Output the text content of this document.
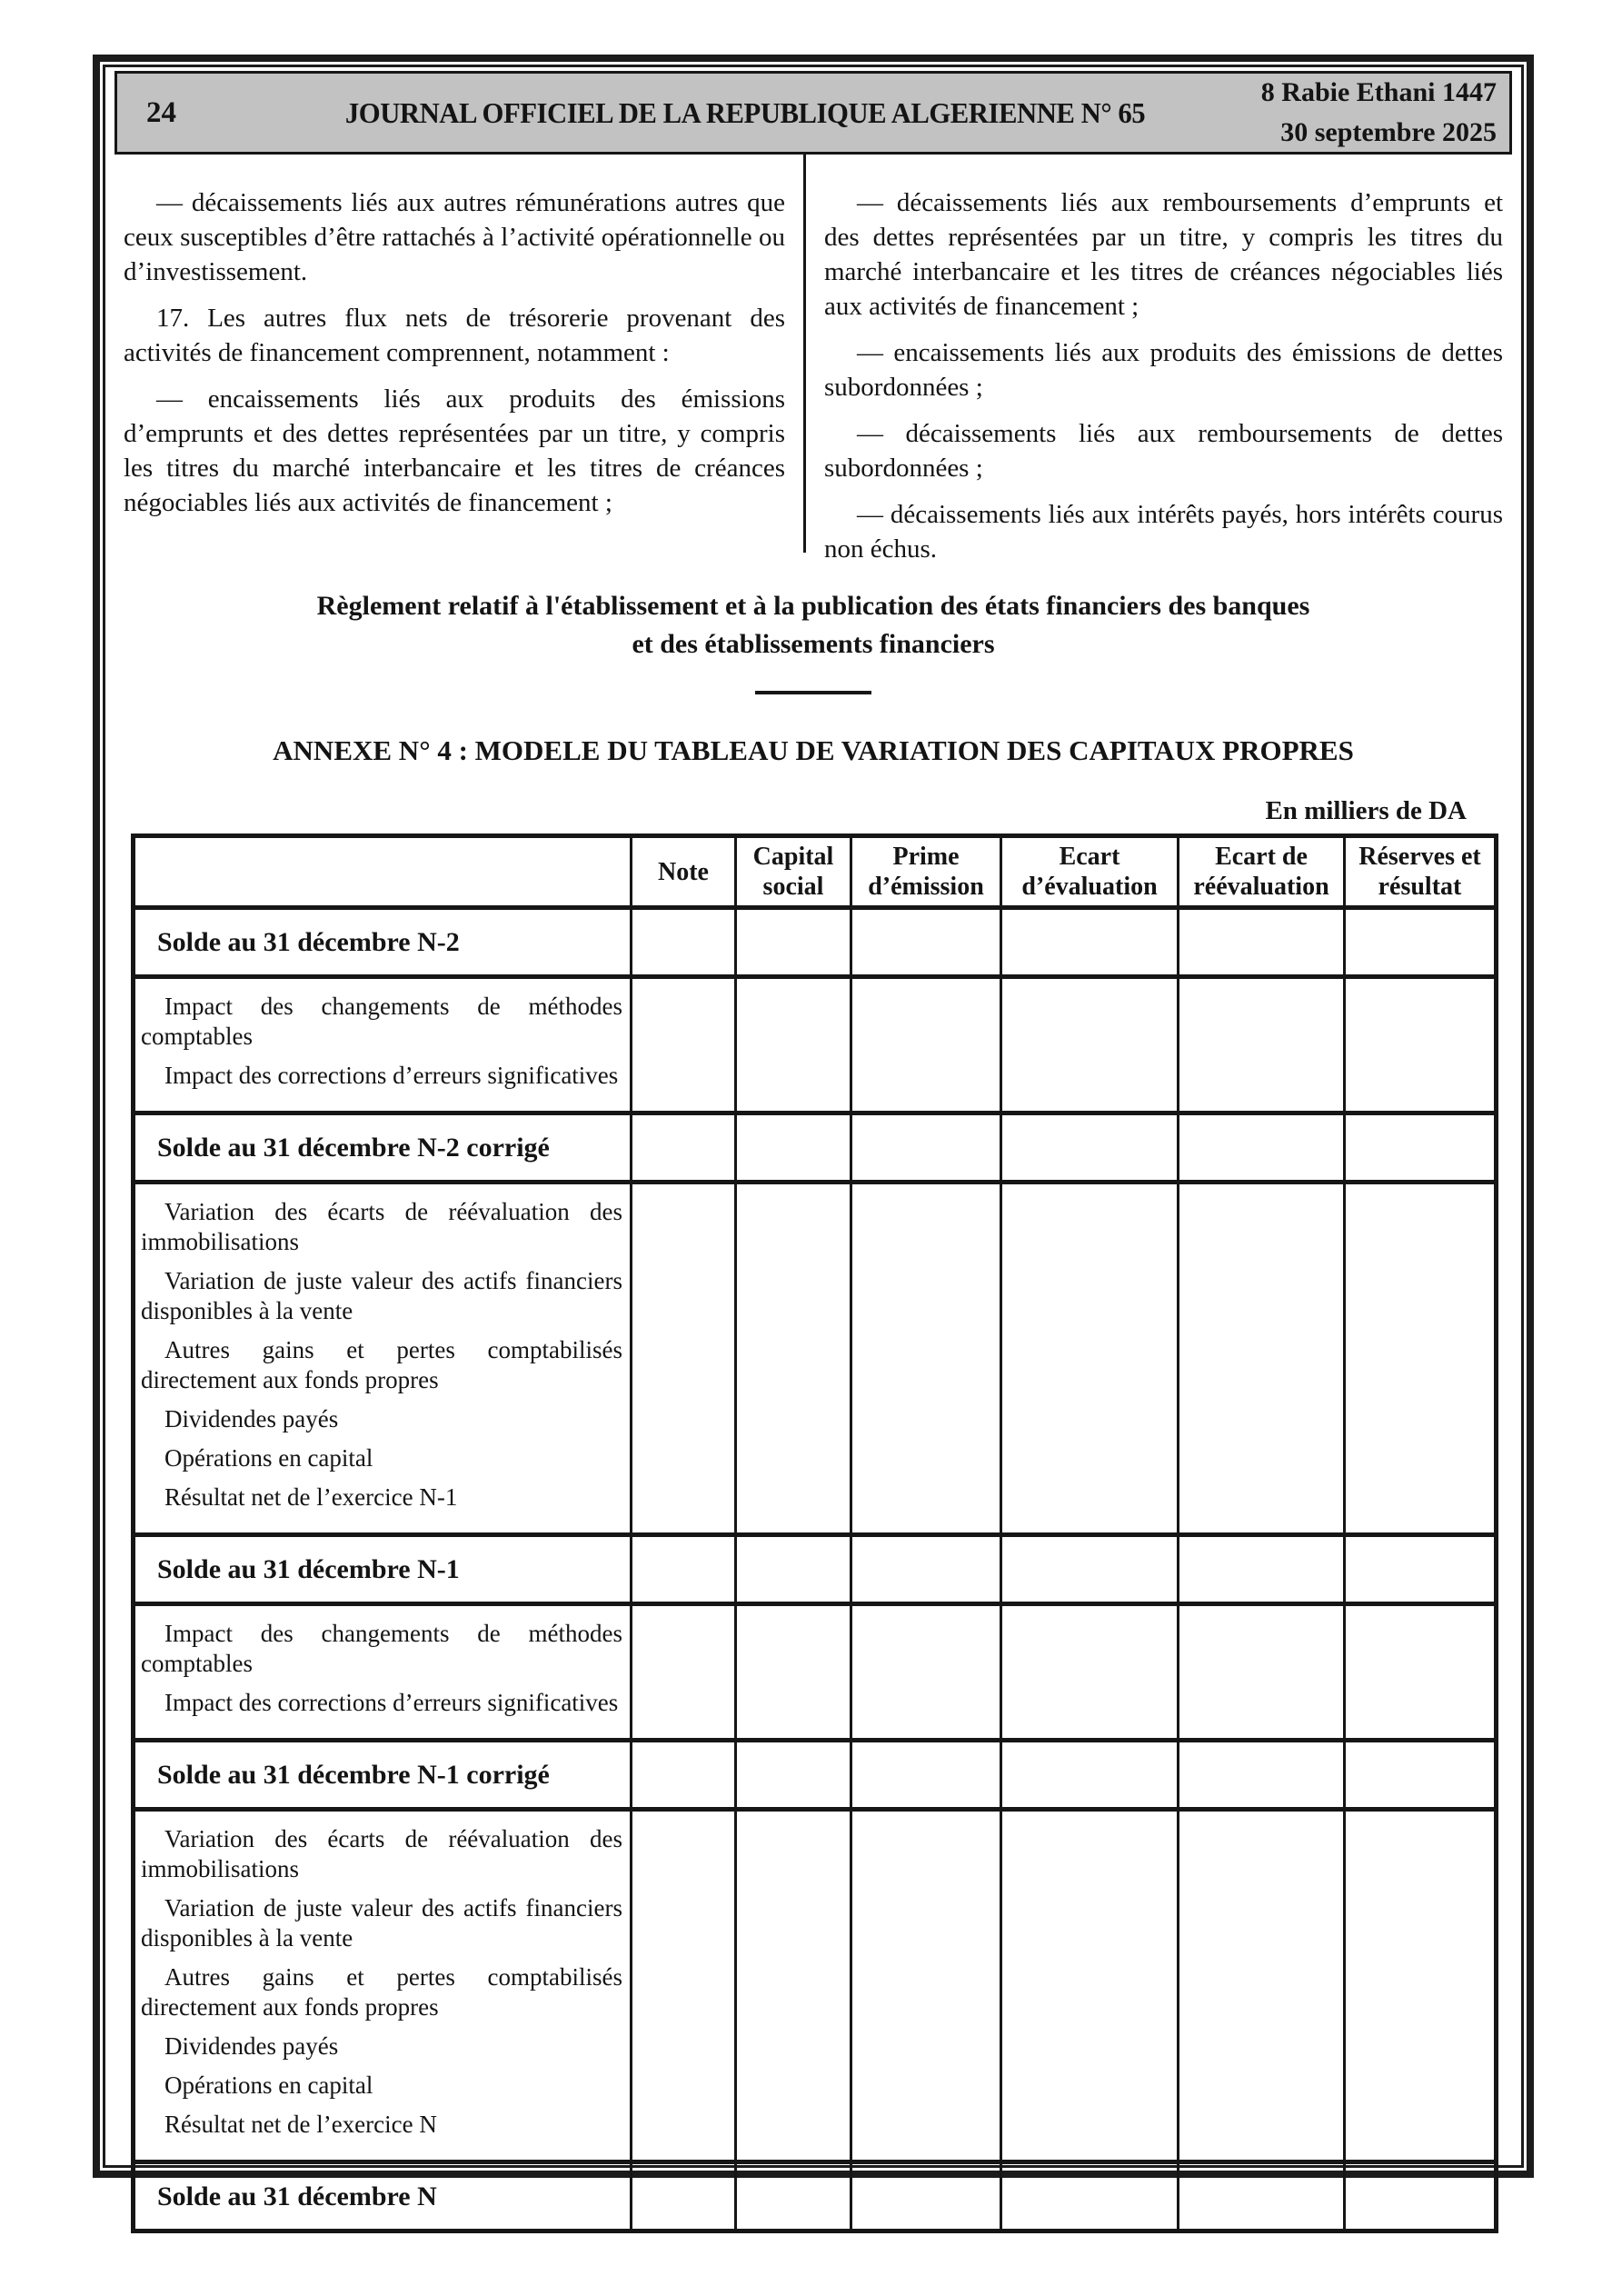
24	JOURNAL OFFICIEL DE LA REPUBLIQUE ALGERIENNE N° 65
8 Rabie Ethani 1447
30 septembre 2025

— décaissements liés aux autres rémunérations autres que ceux susceptibles d’être rattachés à l’activité opérationnelle ou d’investissement.

17. Les autres flux nets de trésorerie provenant des activités de financement comprennent, notamment :

— encaissements liés aux produits des émissions d’emprunts et des dettes représentées par un titre, y compris les titres du marché interbancaire et les titres de créances négociables liés aux activités de financement ;

— décaissements liés aux remboursements d’emprunts et des dettes représentées par un titre, y compris les titres du marché interbancaire et les titres de créances négociables liés aux activités de financement ;

— encaissements liés aux produits des émissions de dettes subordonnées ;

— décaissements liés aux remboursements de dettes subordonnées ;

— décaissements liés aux intérêts payés, hors intérêts courus non échus.

Règlement relatif à l'établissement et à la publication des états financiers des banques
et des établissements financiers
ANNEXE N° 4 : MODELE DU TABLEAU DE VARIATION DES CAPITAUX PROPRES
En milliers de DA
	Note	Capital social	Prime d’émission	Ecart d’évaluation	Ecart de réévaluation	Réserves et résultat
Solde au 31 décembre N-2						

Impact des changements de méthodes comptables

Impact des corrections d’erreurs significatives						

Solde au 31 décembre N-2 corrigé						

Variation des écarts de réévaluation des immobilisations

Variation de juste valeur des actifs financiers disponibles à la vente

Autres gains et pertes comptabilisés directement aux fonds propres

Dividendes payés

Opérations en capital

Résultat net de l’exercice N-1

Solde au 31 décembre N-1						

Impact des changements de méthodes comptables

Impact des corrections d’erreurs significatives						

Solde au 31 décembre N-1 corrigé						

Variation des écarts de réévaluation des immobilisations

Variation de juste valeur des actifs financiers disponibles à la vente

Autres gains et pertes comptabilisés directement aux fonds propres

Dividendes payés

Opérations en capital

Résultat net de l’exercice N

Solde au 31 décembre N						
